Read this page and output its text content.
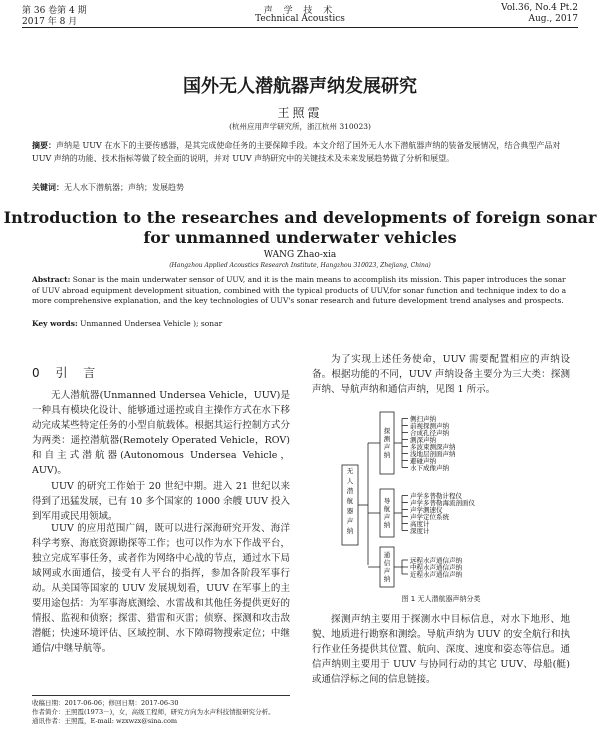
第 36 卷第 4 期
2017 年 8 月
声 学 技 术
Technical Acoustics
Vol.36, No.4 Pt.2
Aug., 2017
国外无人潜航器声纳发展研究
王照霞
(杭州应用声学研究所，浙江杭州 310023)
摘要：声纳是 UUV 在水下的主要传感器，是其完成使命任务的主要保障手段。本文介绍了国外无人水下潜航器声纳的装备发展情况，结合典型产品对 UUV 声纳的功能、技术指标等做了较全面的说明，并对 UUV 声纳研究中的关键技术及未来发展趋势做了分析和展望。
关键词：无人水下潜航器；声纳；发展趋势
Introduction to the researches and developments of foreign sonar for unmanned underwater vehicles
WANG Zhao-xia
(Hangzhou Applied Acoustics Research Institute, Hangzhou 310023, Zhejiang, China)
Abstract: Sonar is the main underwater sensor of UUV, and it is the main means to accomplish its mission. This paper introduces the sonar of UUV abroad equipment development situation, combined with the typical products of UUV,for sonar function and technique index to do a more comprehensive explanation, and the key technologies of UUV's sonar research and future development trend analyses and prospects.
Key words: Unmanned Undersea Vehicle ); sonar
0 引 言
无人潜航器(Unmanned Undersea Vehicle，UUV)是一种具有模块化设计、能够通过遥控或自主操作方式在水下移动完成某些特定任务的小型自航载体。根据其运行控制方式分为两类：遥控潜航器(Remotely Operated Vehicle，ROV)和自主式潜航器(Autonomous Undersea Vehicle，AUV)。
UUV 的研究工作始于 20 世纪中期。进入 21 世纪以来得到了迅猛发展，已有 10 多个国家的 1000 余艘 UUV 投入到军用或民用领域。
UUV 的应用范围广阔，既可以进行深海研究开发、海洋科学考察、海底资源勘探等工作；也可以作为水下作战平台，独立完成军事任务，或者作为网络中心战的节点，通过水下局域网或水面通信，接受有人平台的指挥，参加各阶段军事行动。从美国等国家的 UUV 发展规划看，UUV 在军事上的主要用途包括：为军事海底测绘、水雷战和其他任务提供更好的情报、监视和侦察；探雷、猎雷和灭雷；侦察、探测和攻击敌潜艇；快速环境评估、区域控制、水下障碍物搜索定位；中继通信/中继导航等。
收稿日期：2017-06-06；修回日期：2017-06-30
作者简介：王照霞(1973－)，女，高级工程师，研究方向为水声科技情报研究分析。
通讯作者：王照霞，E-mail: wzxwzx@sina.com
为了实现上述任务使命，UUV 需要配置相应的声纳设备。根据功能的不同，UUV 声纳设备主要分为三大类：探测声纳、导航声纳和通信声纳，见图 1 所示。
无人潜航器声纳
探测声纳
侧扫声纳
前视探测声纳
合成孔径声纳
测深声纳
多波束测深声纳
浅地层剖面声纳
避碰声纳
水下成像声纳
导航声纳
声学多普勒计程仪
声学多普勒海流剖面仪
声学测速仪
声学定位系统
高度计
深度计
通信声纳
远程水声通信声纳
中程水声通信声纳
近程水声通信声纳
图 1 无人潜航器声纳分类
探测声纳主要用于探测水中目标信息，对水下地形、地貌、地质进行勘察和测绘。导航声纳为 UUV 的安全航行和执行作业任务提供其位置、航向、深度、速度和姿态等信息。通信声纳则主要用于 UUV 与协同行动的其它 UUV、母船(艇)或通信浮标之间的信息链接。
